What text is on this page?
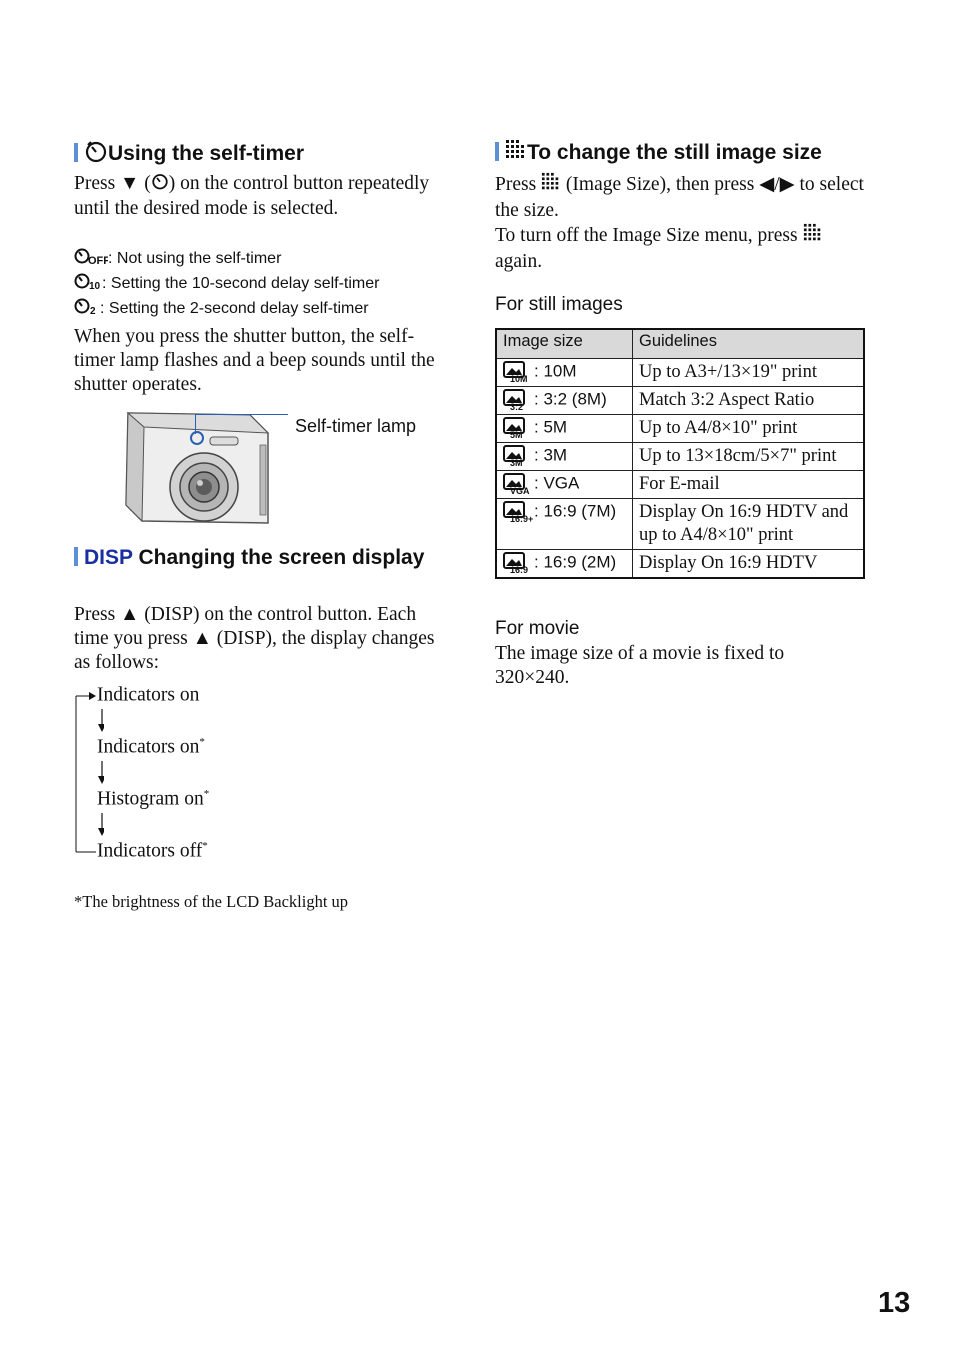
Using the self-timer
Press ▼ ( ) on the control button repeatedly until the desired mode is selected.
OFF
: Not using the self-timer
10 : Setting the 10-second delay self-timer
2 : Setting the 2-second delay self-timer
When you press the shutter button, the self-timer lamp flashes and a beep sounds until the shutter operates.
Self-timer lamp
DISP Changing the screen display
Press ▲ (DISP) on the control button. Each time you press ▲ (DISP), the display changes as follows:
Indicators on
Indicators on*
Histogram on*
Indicators off*
*The brightness of the LCD Backlight up
To change the still image size
Press (Image Size), then press ◀/▶ to select the size.
To turn off the Image Size menu, press  again.
For still images
Image size	Guidelines

10M : 10M	Up to A3+/13×19" print

3:2 : 3:2 (8M)	Match 3:2 Aspect Ratio

5M : 5M	Up to A4/8×10" print

3M : 3M	Up to 13×18cm/5×7" print

VGA : VGA	For E-mail

16:9+ : 16:9 (7M)	Display On 16:9 HDTV and up to A4/8×10" print

16:9 : 16:9 (2M)	Display On 16:9 HDTV
For movie
The image size of a movie is fixed to 320×240.
13
